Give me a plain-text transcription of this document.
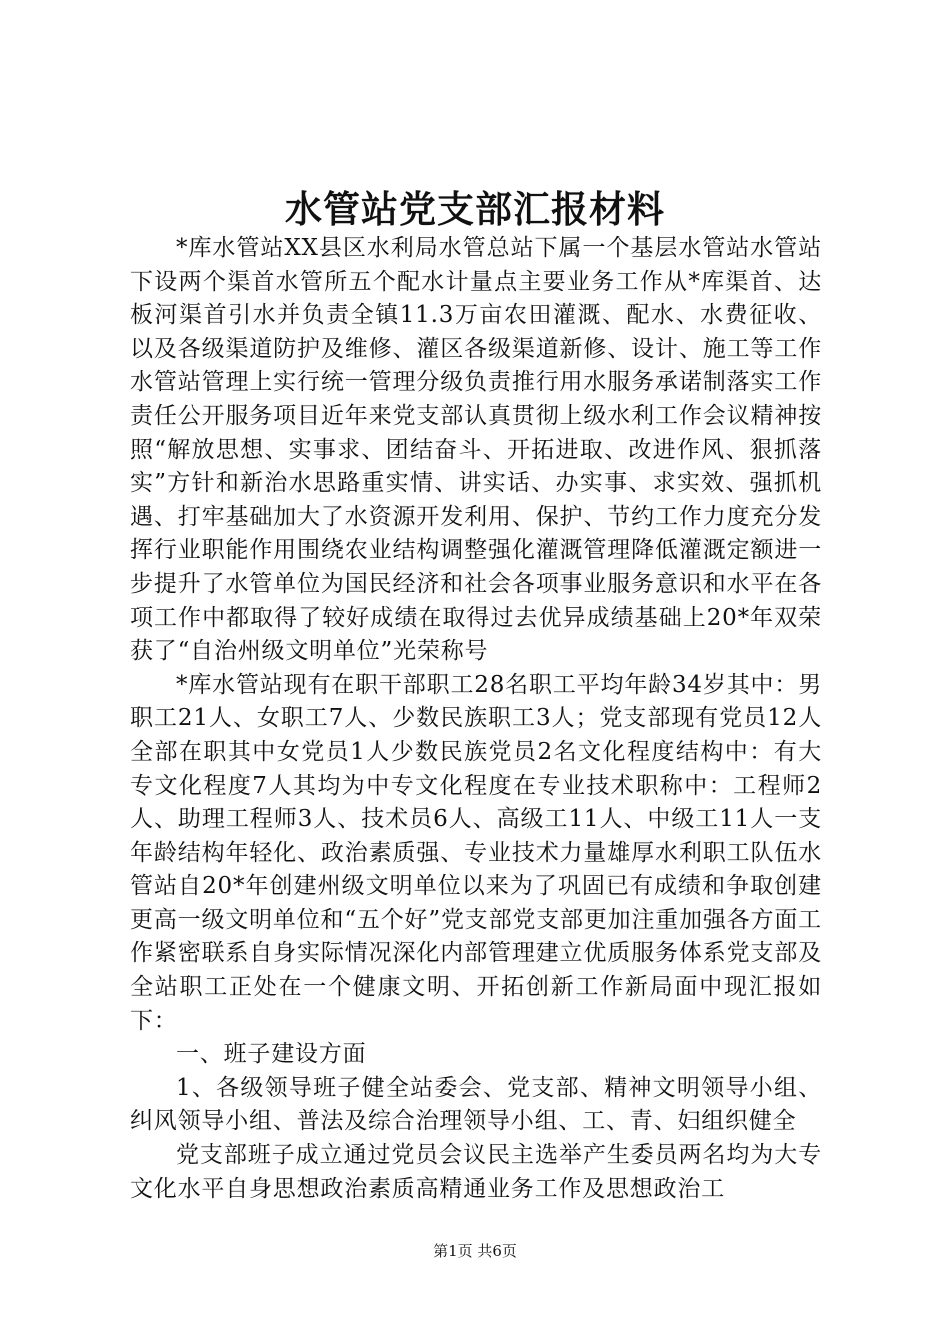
水管站党支部汇报材料

*库水管站XX县区水利局水管总站下属一个基层水管站水管站下设两个渠首水管所五个配水计量点主要业务工作从*库渠首、达板河渠首引水并负责全镇11.3万亩农田灌溉、配水、水费征收、以及各级渠道防护及维修、灌区各级渠道新修、设计、施工等工作水管站管理上实行统一管理分级负责推行用水服务承诺制落实工作责任公开服务项目近年来党支部认真贯彻上级水利工作会议精神按照“解放思想、实事求、团结奋斗、开拓进取、改进作风、狠抓落实”方针和新治水思路重实情、讲实话、办实事、求实效、强抓机遇、打牢基础加大了水资源开发利用、保护、节约工作力度充分发挥行业职能作用围绕农业结构调整强化灌溉管理降低灌溉定额进一步提升了水管单位为国民经济和社会各项事业服务意识和水平在各项工作中都取得了较好成绩在取得过去优异成绩基础上20*年双荣获了“自治州级文明单位”光荣称号

*库水管站现有在职干部职工28名职工平均年龄34岁其中：男职工21人、女职工7人、少数民族职工3人；党支部现有党员12人全部在职其中女党员1人少数民族党员2名文化程度结构中：有大专文化程度7人其均为中专文化程度在专业技术职称中：工程师2人、助理工程师3人、技术员6人、高级工11人、中级工11人一支年龄结构年轻化、政治素质强、专业技术力量雄厚水利职工队伍水管站自20*年创建州级文明单位以来为了巩固已有成绩和争取创建更高一级文明单位和“五个好”党支部党支部更加注重加强各方面工作紧密联系自身实际情况深化内部管理建立优质服务体系党支部及全站职工正处在一个健康文明、开拓创新工作新局面中现汇报如下：

一、班子建设方面

1、各级领导班子健全站委会、党支部、精神文明领导小组、纠风领导小组、普法及综合治理领导小组、工、青、妇组织健全

党支部班子成立通过党员会议民主选举产生委员两名均为大专文化水平自身思想政治素质高精通业务工作及思想政治工

第1页 共6页
